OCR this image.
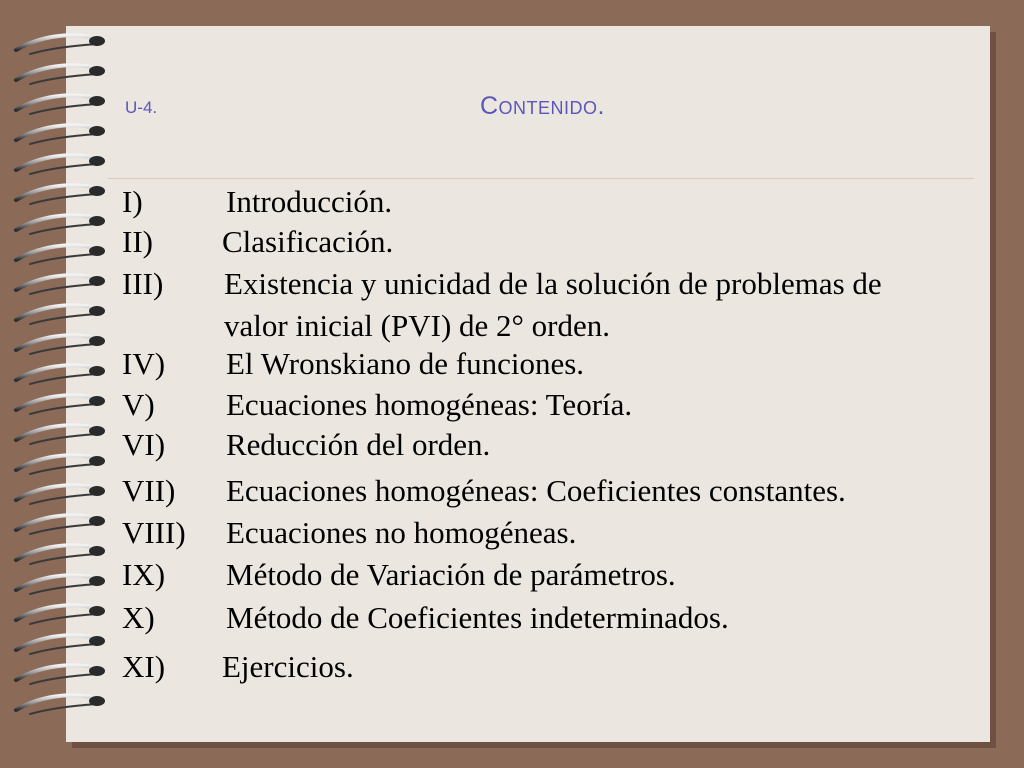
U-4.	Contenido.
I)	Introducción.
II) Clasificación.
III) Existencia y unicidad de la solución de problemas de
valor inicial (PVI) de 2° orden.
IV) El Wronskiano de funciones.
V) Ecuaciones homogéneas: Teoría.
VI) Reducción del orden.
VII) Ecuaciones homogéneas: Coeficientes constantes.
VIII) Ecuaciones no homogéneas.
IX) Método de Variación de parámetros.
X) Método de Coeficientes indeterminados.
XI) Ejercicios.
